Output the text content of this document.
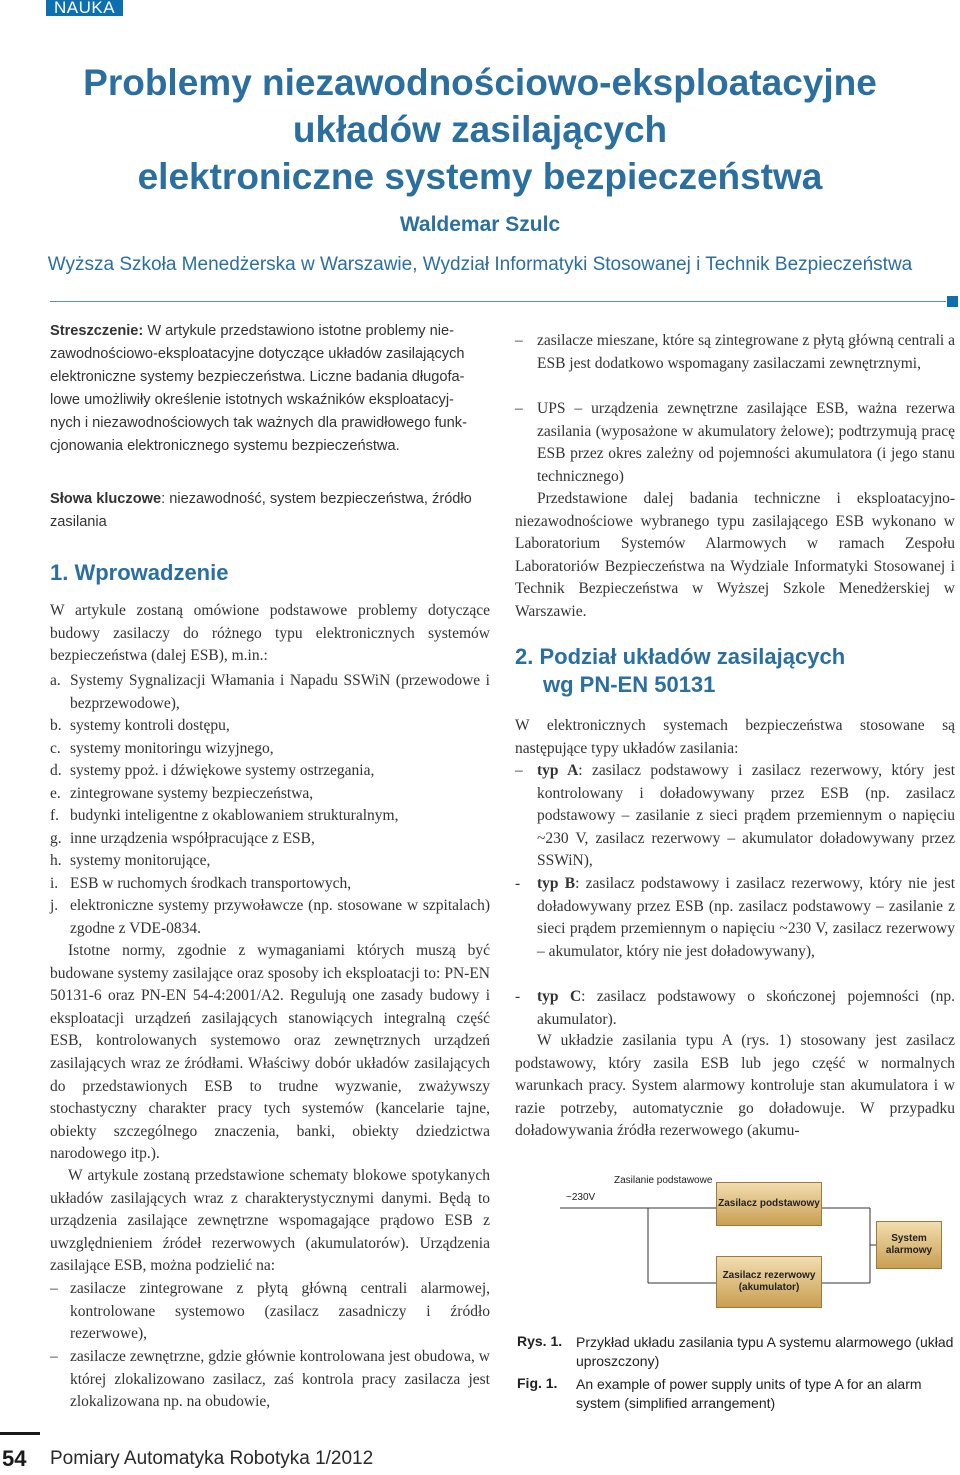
NAUKA
Problemy niezawodnościowo-eksploatacyjne
układów zasilających
elektroniczne systemy bezpieczeństwa
Waldemar Szulc
Wyższa Szkoła Menedżerska w Warszawie, Wydział Informatyki Stosowanej i Technik Bezpieczeństwa
Streszczenie: W artykule przedstawiono istotne problemy nie-
zawodnościowo-eksploatacyjne dotyczące układów zasilających
elektroniczne systemy bezpieczeństwa. Liczne badania długofa-
lowe umożliwiły określenie istotnych wskaźników eksploatacyj-
nych i niezawodnościowych tak ważnych dla prawidłowego funk-
cjonowania elektronicznego systemu bezpieczeństwa.
Słowa kluczowe: niezawodność, system bezpieczeństwa, źródło
zasilania
1. Wprowadzenie
W artykule zostaną omówione podstawowe problemy dotyczące budowy zasilaczy do różnego typu elektronicznych systemów bezpieczeństwa (dalej ESB), m.in.:
a. Systemy Sygnalizacji Włamania i Napadu SSWiN (przewodowe i bezprzewodowe),
b. systemy kontroli dostępu,
c. systemy monitoringu wizyjnego,
d. systemy ppoż. i dźwiękowe systemy ostrzegania,
e. zintegrowane systemy bezpieczeństwa,
f. budynki inteligentne z okablowaniem strukturalnym,
g. inne urządzenia współpracujące z ESB,
h. systemy monitorujące,
i. ESB w ruchomych środkach transportowych,
j. elektroniczne systemy przywoławcze (np. stosowane w szpitalach) zgodne z VDE-0834.
Istotne normy, zgodnie z wymaganiami których muszą być budowane systemy zasilające oraz sposoby ich eksploatacji to: PN-EN 50131-6 oraz PN-EN 54-4:2001/A2. Regulują one zasady budowy i eksploatacji urządzeń zasilających stanowiących integralną część ESB, kontrolowanych systemowo oraz zewnętrznych urządzeń zasilających wraz ze źródłami. Właściwy dobór układów zasilających do przedstawionych ESB to trudne wyzwanie, zważywszy stochastyczny charakter pracy tych systemów (kancelarie tajne, obiekty szczególnego znaczenia, banki, obiekty dziedzictwa narodowego itp.).
W artykule zostaną przedstawione schematy blokowe spotykanych układów zasilających wraz z charakterystycznymi danymi. Będą to urządzenia zasilające zewnętrzne wspomagające prądowo ESB z uwzględnieniem źródeł rezerwowych (akumulatorów). Urządzenia zasilające ESB, można podzielić na:
– zasilacze zintegrowane z płytą główną centrali alarmowej, kontrolowane systemowo (zasilacz zasadniczy i źródło rezerwowe),
– zasilacze zewnętrzne, gdzie głównie kontrolowana jest obudowa, w której zlokalizowano zasilacz, zaś kontrola pracy zasilacza jest zlokalizowana np. na obudowie,
– zasilacze mieszane, które są zintegrowane z płytą główną centrali a ESB jest dodatkowo wspomagany zasilaczami zewnętrznymi,
– UPS – urządzenia zewnętrzne zasilające ESB, ważna rezerwa zasilania (wyposażone w akumulatory żelowe); podtrzymują pracę ESB przez okres zależny od pojemności akumulatora (i jego stanu technicznego)
Przedstawione dalej badania techniczne i eksploatacyjno-niezawodnościowe wybranego typu zasilającego ESB wykonano w Laboratorium Systemów Alarmowych w ramach Zespołu Laboratoriów Bezpieczeństwa na Wydziale Informatyki Stosowanej i Technik Bezpieczeństwa w Wyższej Szkole Menedżerskiej w Warszawie.
2. Podział układów zasilających
wg PN-EN 50131
W elektronicznych systemach bezpieczeństwa stosowane są następujące typy układów zasilania:
– typ A: zasilacz podstawowy i zasilacz rezerwowy, który jest kontrolowany i doładowywany przez ESB (np. zasilacz podstawowy – zasilanie z sieci prądem przemiennym o napięciu ~230 V, zasilacz rezerwowy – akumulator doładowywany przez SSWiN),
- typ B: zasilacz podstawowy i zasilacz rezerwowy, który nie jest doładowywany przez ESB (np. zasilacz podstawowy – zasilanie z sieci prądem przemiennym o napięciu ~230 V, zasilacz rezerwowy – akumulator, który nie jest doładowywany),
- typ C: zasilacz podstawowy o skończonej pojemności (np. akumulator).
W układzie zasilania typu A (rys. 1) stosowany jest zasilacz podstawowy, który zasila ESB lub jego część w normalnych warunkach pracy. System alarmowy kontroluje stan akumulatora i w razie potrzeby, automatycznie go doładowuje. W przypadku doładowywania źródła rezerwowego (akumu-
~230V
Zasilanie podstawowe
Zasilacz podstawowy
Zasilacz rezerwowy (akumulator)
System alarmowy
Rys. 1. Przykład układu zasilania typu A systemu alarmowego (układ uproszczony)
Fig. 1. An example of power supply units of type A for an alarm system (simplified arrangement)
54 Pomiary Automatyka Robotyka 1/2012
